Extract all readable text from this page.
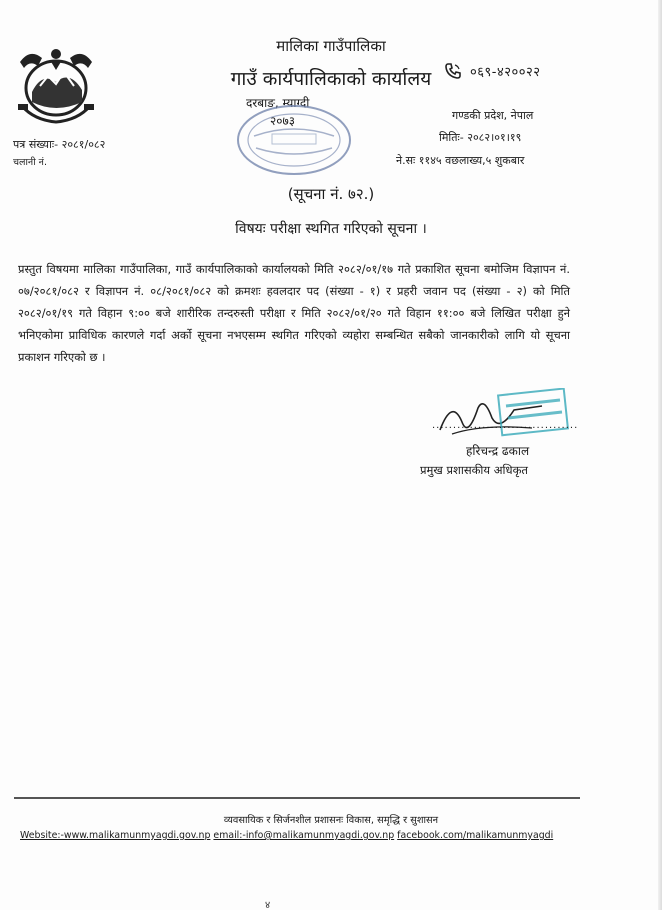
मालिका गाउँपालिका
गाउँ कार्यपालिकाको कार्यालय
दरबाङ, म्याग्दी
२०७३
०६९-४२००२२
गण्डकी प्रदेश, नेपाल
मितिः- २०८२।०१।१९
ने.सः ११४५ वछलाख्य,५ शुकबार
पत्र संख्याः- २०८१/०८२
चलानी नं.
(सूचना नं. ७२.)
विषयः परीक्षा स्थगित गरिएको सूचना ।
प्रस्तुत विषयमा मालिका गाउँपालिका, गाउँ कार्यपालिकाको कार्यालयको मिति २०८२/०१/१७ गते प्रकाशित सूचना बमोजिम विज्ञापन नं. ०७/२०८१/०८२ र विज्ञापन नं. ०८/२०८१/०८२ को क्रमशः हवलदार पद (संख्या - १) र प्रहरी जवान पद (संख्या - २) को मिति २०८२/०१/१९ गते विहान ९:०० बजे शारीरिक तन्दरुस्ती परीक्षा र मिति २०८२/०१/२० गते विहान ११:०० बजे लिखित परीक्षा हुने भनिएकोमा प्राविधिक कारणले गर्दा अर्को सूचना नभएसम्म स्थगित गरिएको व्यहोरा सम्बन्धित सबैको जानकारीको लागि यो सूचना प्रकाशन गरिएको छ ।
...................................
हरिचन्द्र ढकाल
प्रमुख प्रशासकीय अधिकृत
व्यवसायिक र सिर्जनशील प्रशासनः विकास, समृद्धि र सुशासन
Website:-www.malikamunmyagdi.gov.np email:-info@malikamunmyagdi.gov.np facebook.com/malikamunmyagdi
४
